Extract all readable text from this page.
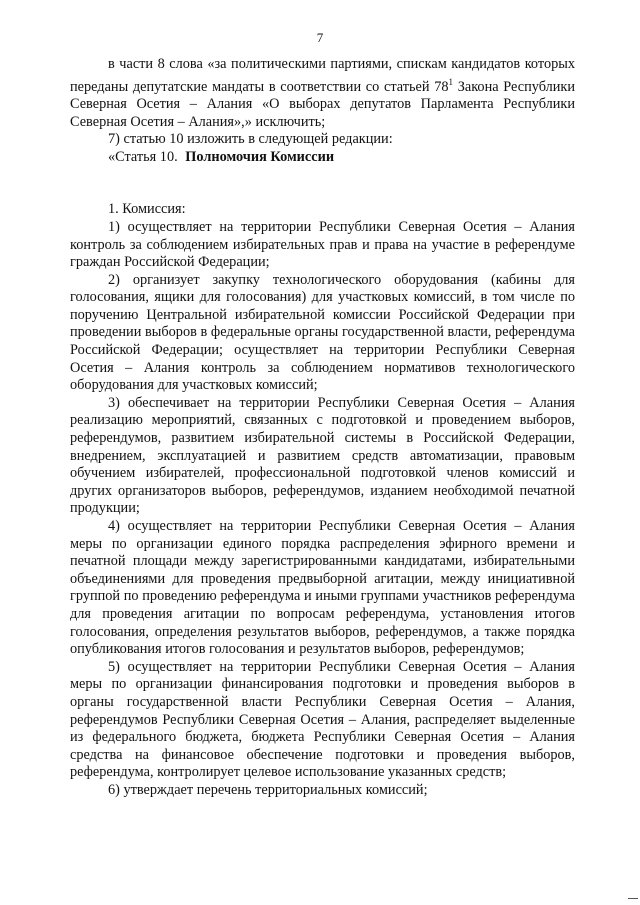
7

в части 8 слова «за политическими партиями, спискам кандидатов которых переданы депутатские мандаты в соответствии со статьей $78^1$ Закона Республики Северная Осетия – Алания «О выборах депутатов Парламента Республики Северная Осетия – Алания»,» исключить;

7) статью 10 изложить в следующей редакции:

«Статья 10. Полномочия Комиссии

1. Комиссия:

1) осуществляет на территории Республики Северная Осетия – Алания контроль за соблюдением избирательных прав и права на участие в референдуме граждан Российской Федерации;

2) организует закупку технологического оборудования (кабины для голосования, ящики для голосования) для участковых комиссий, в том числе по поручению Центральной избирательной комиссии Российской Федерации при проведении выборов в федеральные органы государственной власти, референдума Российской Федерации; осуществляет на территории Республики Северная Осетия – Алания контроль за соблюдением нормативов технологического оборудования для участковых комиссий;

3) обеспечивает на территории Республики Северная Осетия – Алания реализацию мероприятий, связанных с подготовкой и проведением выборов, референдумов, развитием избирательной системы в Российской Федерации, внедрением, эксплуатацией и развитием средств автоматизации, правовым обучением избирателей, профессиональной подготовкой членов комиссий и других организаторов выборов, референдумов, изданием необходимой печатной продукции;

4) осуществляет на территории Республики Северная Осетия – Алания меры по организации единого порядка распределения эфирного времени и печатной площади между зарегистрированными кандидатами, избирательными объединениями для проведения предвыборной агитации, между инициативной группой по проведению референдума и иными группами участников референдума для проведения агитации по вопросам референдума, установления итогов голосования, определения результатов выборов, референдумов, а также порядка опубликования итогов голосования и результатов выборов, референдумов;

5) осуществляет на территории Республики Северная Осетия – Алания меры по организации финансирования подготовки и проведения выборов в органы государственной власти Республики Северная Осетия – Алания, референдумов Республики Северная Осетия – Алания, распределяет выделенные из федерального бюджета, бюджета Республики Северная Осетия – Алания средства на финансовое обеспечение подготовки и проведения выборов, референдума, контролирует целевое использование указанных средств;

6) утверждает перечень территориальных комиссий;
